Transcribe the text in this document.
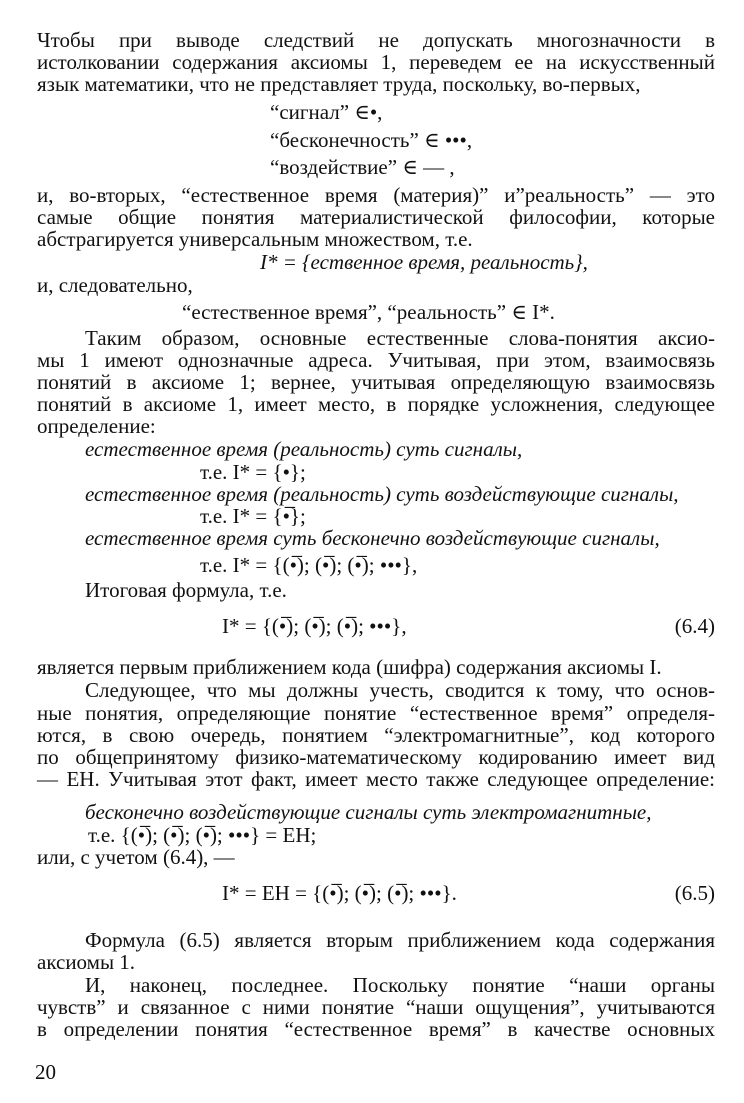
Чтобы при выводе следствий не допускать многозначности в
истолковании содержания аксиомы 1, переведем ее на искусственный
язык математики, что не представляет труда, поскольку, во-первых,
“сигнал” ∈•,
“бесконечность” ∈ •••,
“воздействие” ∈ — ,
и, во-вторых, “естественное время (материя)” и”реальность” — это
самые общие понятия материалистической философии, которые
абстрагируется универсальным множеством, т.е.
I* = {ественное время, реальность},
и, следовательно,
“естественное время”, “реальность” ∈ I*.
Таким образом, основные естественные слова-понятия аксио-
мы 1 имеют однозначные адреса. Учитывая, при этом, взаимосвязь
понятий в аксиоме 1; вернее, учитывая определяющую взаимосвязь
понятий в аксиоме 1, имеет место, в порядке усложнения, следующее
определение:
естественное время (реальность) суть сигналы,
т.е. I* = {•};
естественное время (реальность) суть воздействующие сигналы,
т.е. I* = {•̅};
естественное время суть бесконечно воздействующие сигналы,
т.е. I* = {(•̅); (•̅); (•̅); •••},
Итоговая формула, т.е.
I* = {(•̅); (•̅); (•̅); •••},	(6.4)
является первым приближением кода (шифра) содержания аксиомы I.
Следующее, что мы должны учесть, сводится к тому, что основ-
ные понятия, определяющие понятие “естественное время” определя-
ются, в свою очередь, понятием “электромагнитные”, код которого
по общепринятому физико-математическому кодированию имеет вид
— EH. Учитывая этот факт, имеет место также следующее определение:
бесконечно воздействующие сигналы суть электромагнитные,
т.е. {(•̅); (•̅); (•̅); •••} = EH;
или, с учетом (6.4), —
I* = EH = {(•̅); (•̅); (•̅); •••}.	(6.5)
Формула (6.5) является вторым приближением кода содержания
аксиомы 1.
И, наконец, последнее. Поскольку понятие “наши органы
чувств” и связанное с ними понятие “наши ощущения”, учитываются
в определении понятия “естественное время” в качестве основных
20
